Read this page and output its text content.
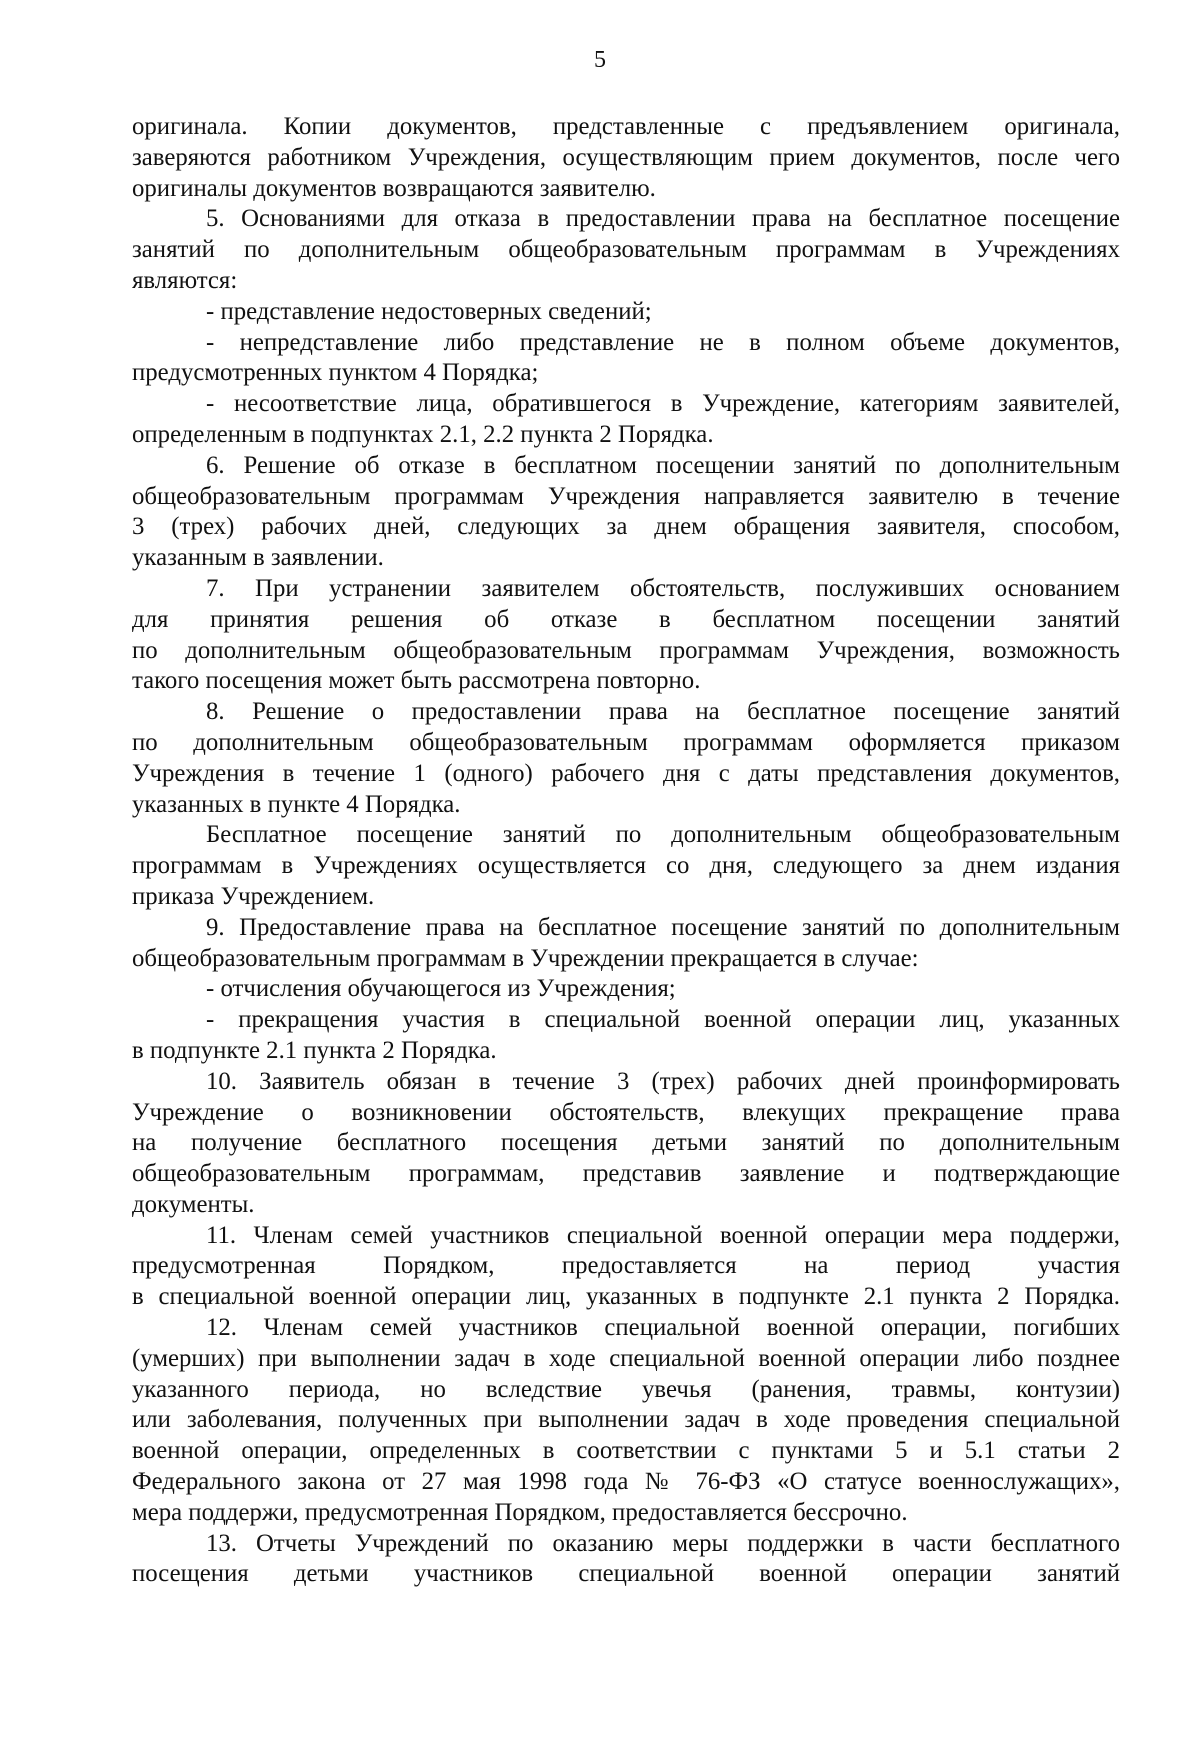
5
оригинала. Копии документов, представленные с предъявлением оригинала,
заверяются работником Учреждения, осуществляющим прием документов, после чего
оригиналы документов возвращаются заявителю.
5. Основаниями для отказа в предоставлении права на бесплатное посещение
занятий по дополнительным общеобразовательным программам в Учреждениях
являются:
- представление недостоверных сведений;
- непредставление либо представление не в полном объеме документов,
предусмотренных пунктом 4 Порядка;
- несоответствие лица, обратившегося в Учреждение, категориям заявителей,
определенным в подпунктах 2.1, 2.2 пункта 2 Порядка.
6. Решение об отказе в бесплатном посещении занятий по дополнительным
общеобразовательным программам Учреждения направляется заявителю в течение
3 (трех) рабочих дней, следующих за днем обращения заявителя, способом,
указанным в заявлении.
7. При устранении заявителем обстоятельств, послуживших основанием
для принятия решения об отказе в бесплатном посещении занятий
по дополнительным общеобразовательным программам Учреждения, возможность
такого посещения может быть рассмотрена повторно.
8. Решение о предоставлении права на бесплатное посещение занятий
по дополнительным общеобразовательным программам оформляется приказом
Учреждения в течение 1 (одного) рабочего дня с даты представления документов,
указанных в пункте 4 Порядка.
Бесплатное посещение занятий по дополнительным общеобразовательным
программам в Учреждениях осуществляется со дня, следующего за днем издания
приказа Учреждением.
9. Предоставление права на бесплатное посещение занятий по дополнительным
общеобразовательным программам в Учреждении прекращается в случае:
- отчисления обучающегося из Учреждения;
- прекращения участия в специальной военной операции лиц, указанных
в подпункте 2.1 пункта 2 Порядка.
10. Заявитель обязан в течение 3 (трех) рабочих дней проинформировать
Учреждение о возникновении обстоятельств, влекущих прекращение права
на получение бесплатного посещения детьми занятий по дополнительным
общеобразовательным программам, представив заявление и подтверждающие
документы.
11. Членам семей участников специальной военной операции мера поддержи,
предусмотренная Порядком, предоставляется на период участия
в специальной военной операции лиц, указанных в подпункте 2.1 пункта 2 Порядка.
12. Членам семей участников специальной военной операции, погибших
(умерших) при выполнении задач в ходе специальной военной операции либо позднее
указанного периода, но вследствие увечья (ранения, травмы, контузии)
или заболевания, полученных при выполнении задач в ходе проведения специальной
военной операции, определенных в соответствии с пунктами 5 и 5.1 статьи 2
Федерального закона от 27 мая 1998 года № 76-ФЗ «О статусе военнослужащих»,
мера поддержи, предусмотренная Порядком, предоставляется бессрочно.
13. Отчеты Учреждений по оказанию меры поддержки в части бесплатного
посещения детьми участников специальной военной операции занятий
